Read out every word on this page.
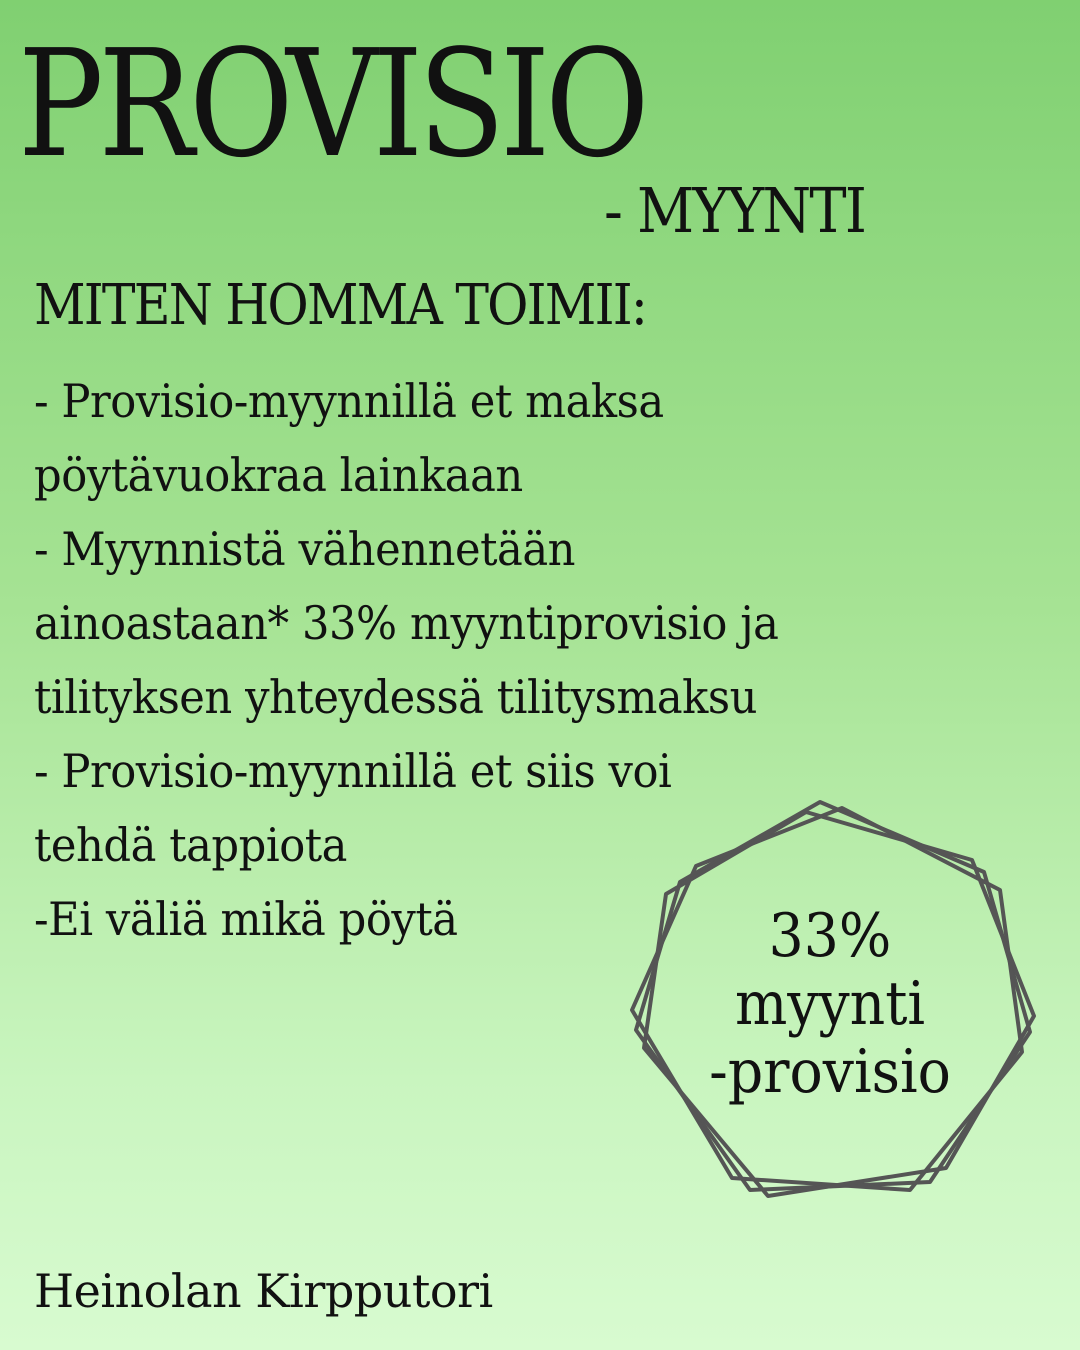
PROVISIO
- MYYNTI
MITEN HOMMA TOIMII:
- Provisio-myynnillä et maksa
pöytävuokraa lainkaan
- Myynnistä vähennetään
ainoastaan* 33% myyntiprovisio ja
tilityksen yhteydessä tilitysmaksu
- Provisio-myynnillä et siis voi
tehdä tappiota
-Ei väliä mikä pöytä	33%
myynti
-provisio
Heinolan Kirpputori
